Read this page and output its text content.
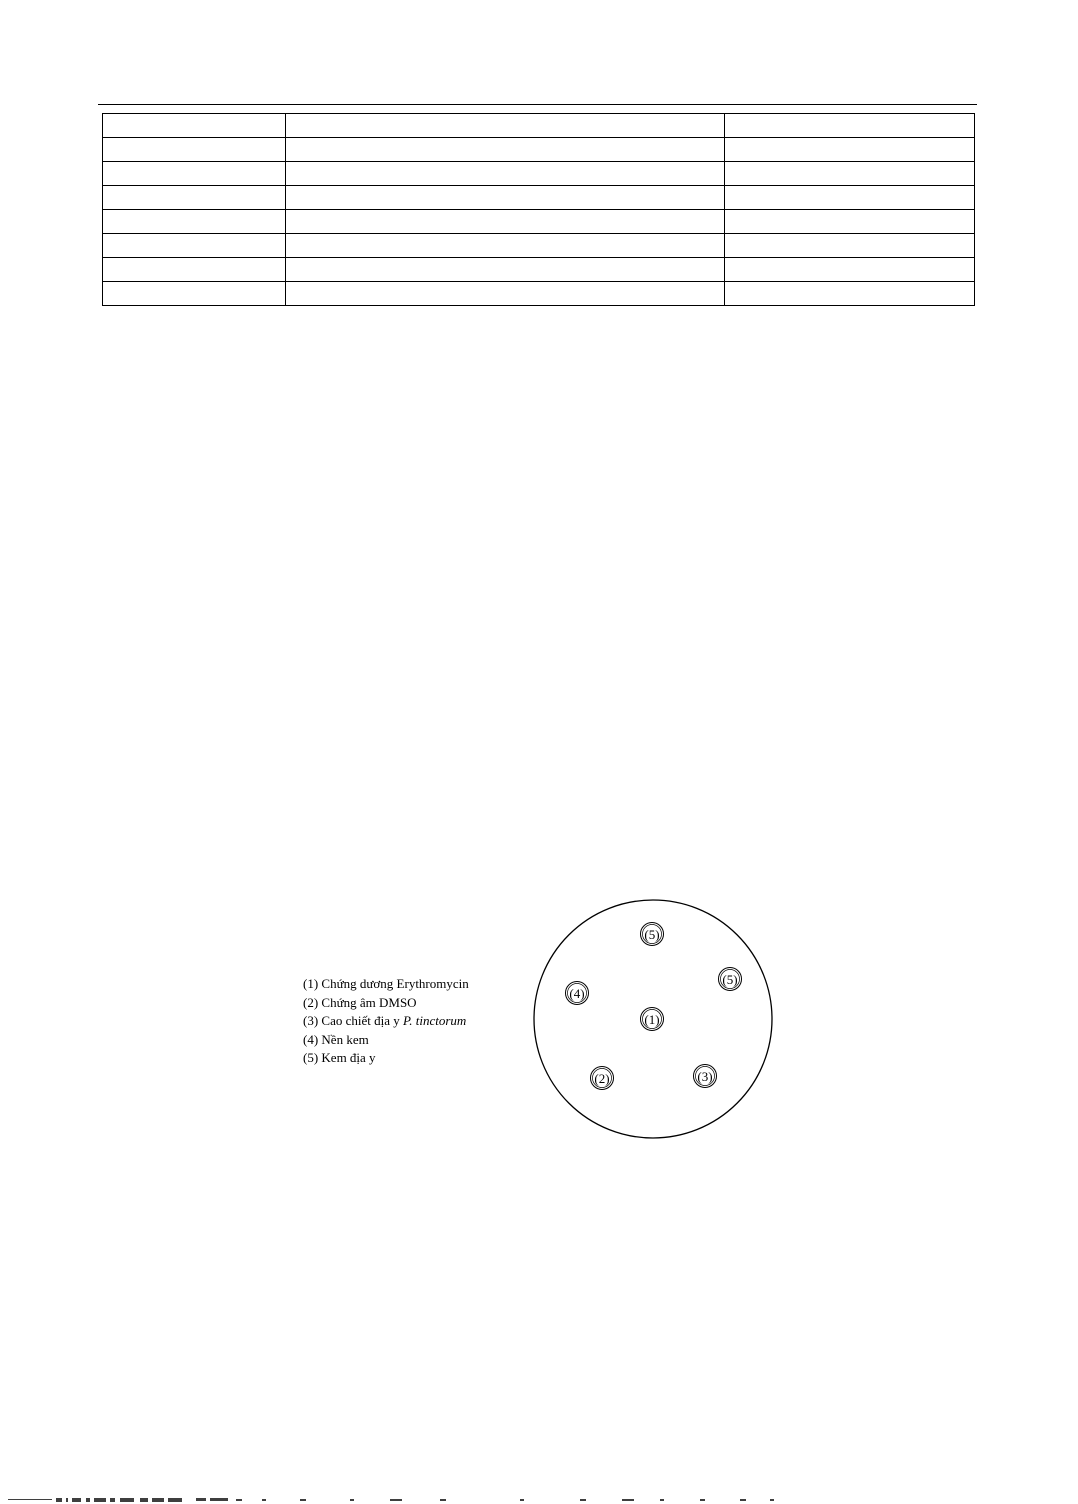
(1) Chứng dương Erythromycin
(2) Chứng âm DMSO
(3) Cao chiết địa y P. tinctorum
(4) Nền kem
(5) Kem địa y
(5)
(5)
(4)
(1)
(2)	(3)
